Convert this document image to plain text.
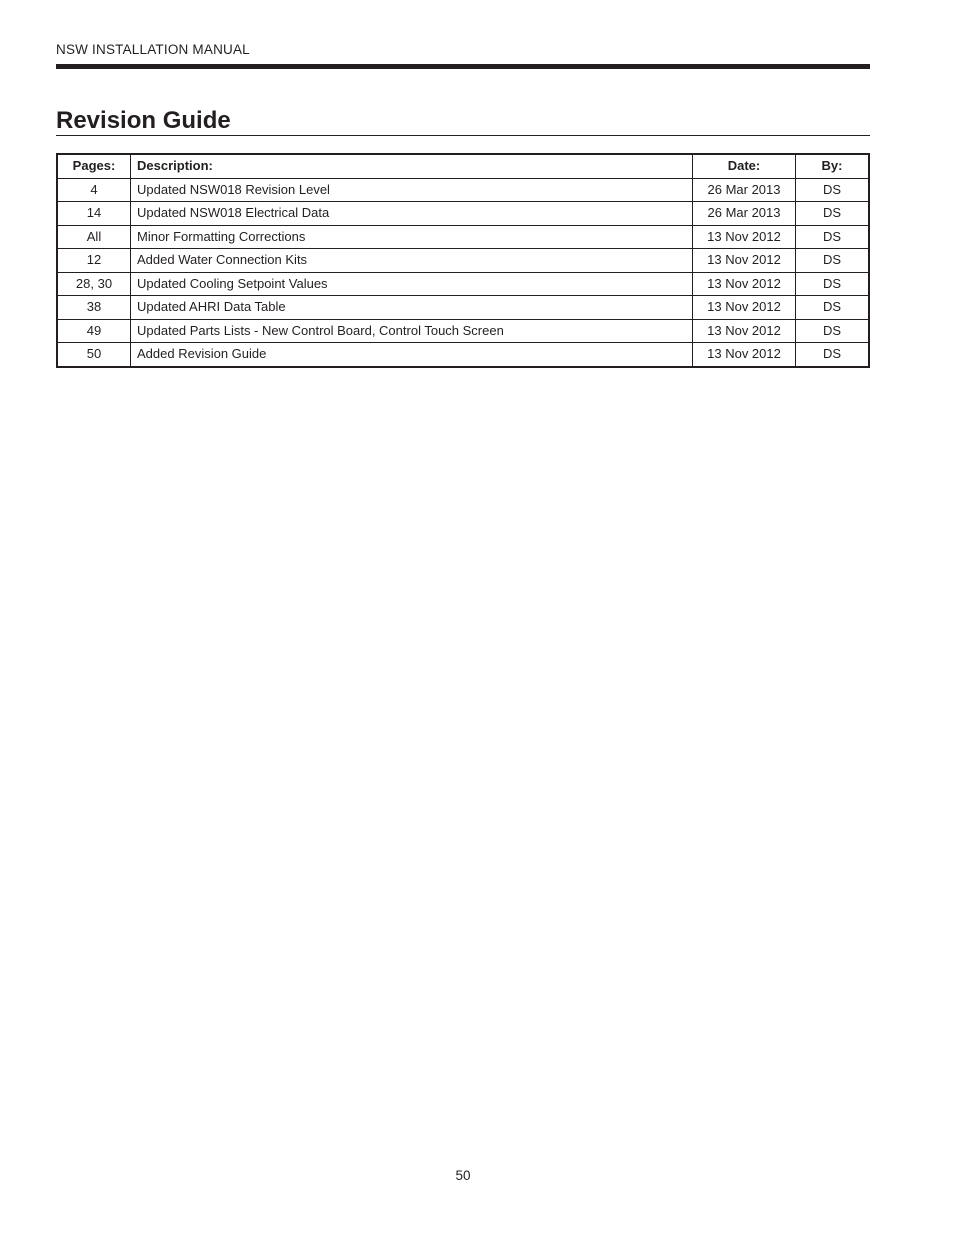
NSW INSTALLATION MANUAL
Revision Guide
Pages:	Description:	Date:	By:
4	Updated NSW018 Revision Level	26 Mar 2013	DS
14	Updated NSW018 Electrical Data	26 Mar 2013	DS
All	Minor Formatting Corrections	13 Nov 2012	DS
12	Added Water Connection Kits	13 Nov 2012	DS
28, 30	Updated Cooling Setpoint Values	13 Nov 2012	DS
38	Updated AHRI Data Table	13 Nov 2012	DS
49	Updated Parts Lists - New Control Board, Control Touch Screen	13 Nov 2012	DS
50	Added Revision Guide	13 Nov 2012	DS
50
